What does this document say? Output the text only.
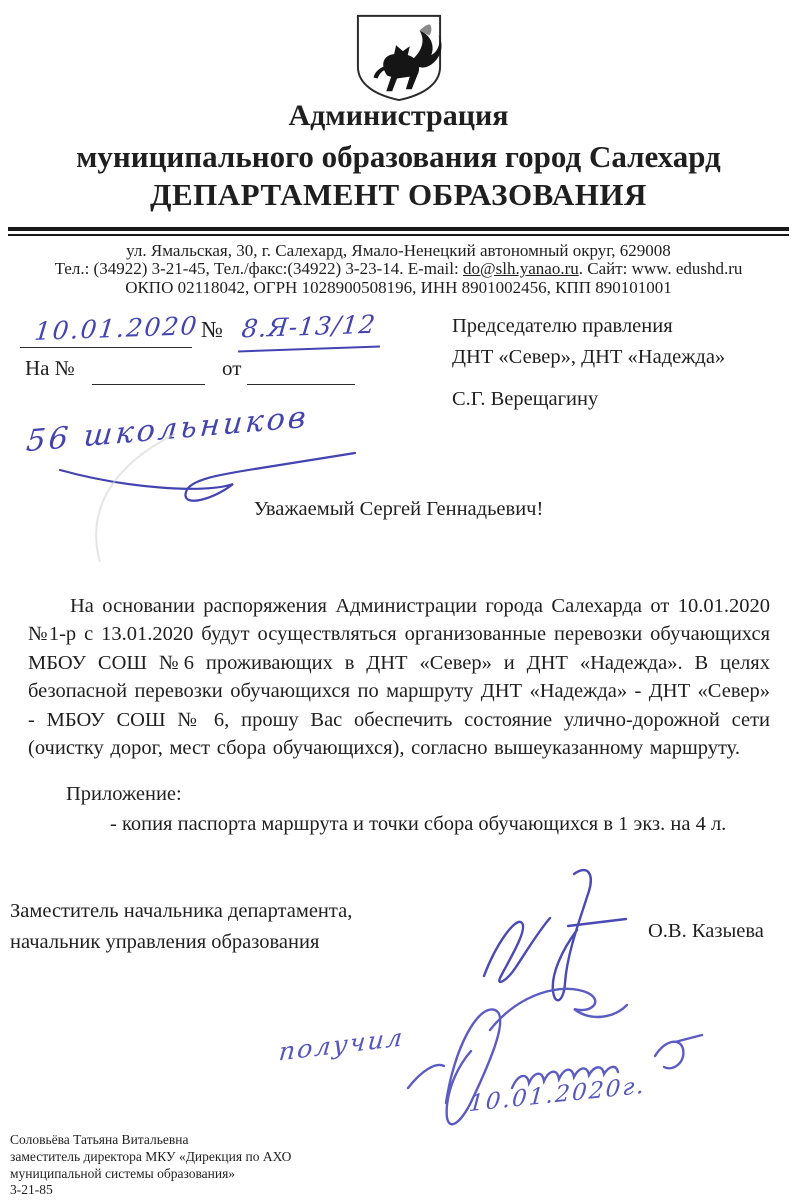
Администрация
муниципального образования город Салехард
ДЕПАРТАМЕНТ ОБРАЗОВАНИЯ
ул. Ямальская, 30, г. Салехард, Ямало-Ненецкий автономный округ, 629008
Тел.: (34922) 3-21-45, Тел./факс:(34922) 3-23-14. E-mail: do@slh.yanao.ru. Сайт: www. edushd.ru
ОКПО 02118042, ОГРН 1028900508196, ИНН 8901002456, КПП 890101001
10.01.2020 № 8.Я-13/12
На №	от
Председателю правления
ДНТ «Север», ДНТ «Надежда»
С.Г. Верещагину
56 школьников
Уважаемый Сергей Геннадьевич!
На основании распоряжения Администрации города Салехарда от 10.01.2020 №1-р с 13.01.2020 будут осуществляться организованные перевозки обучающихся МБОУ СОШ №6 проживающих в ДНТ «Север» и ДНТ «Надежда». В целях безопасной перевозки обучающихся по маршруту ДНТ «Надежда» - ДНТ «Север» - МБОУ СОШ № 6, прошу Вас обеспечить состояние улично-дорожной сети (очистку дорог, мест сбора обучающихся), согласно вышеуказанному маршруту.
Приложение:
- копия паспорта маршрута и точки сбора обучающихся в 1 экз. на 4 л.
Заместитель начальника департамента,
начальник управления образования	О.В. Казыева
получил
10.01.2020г.
Соловьёва Татьяна Витальевна
заместитель директора МКУ «Дирекция по АХО
муниципальной системы образования»
3-21-85
